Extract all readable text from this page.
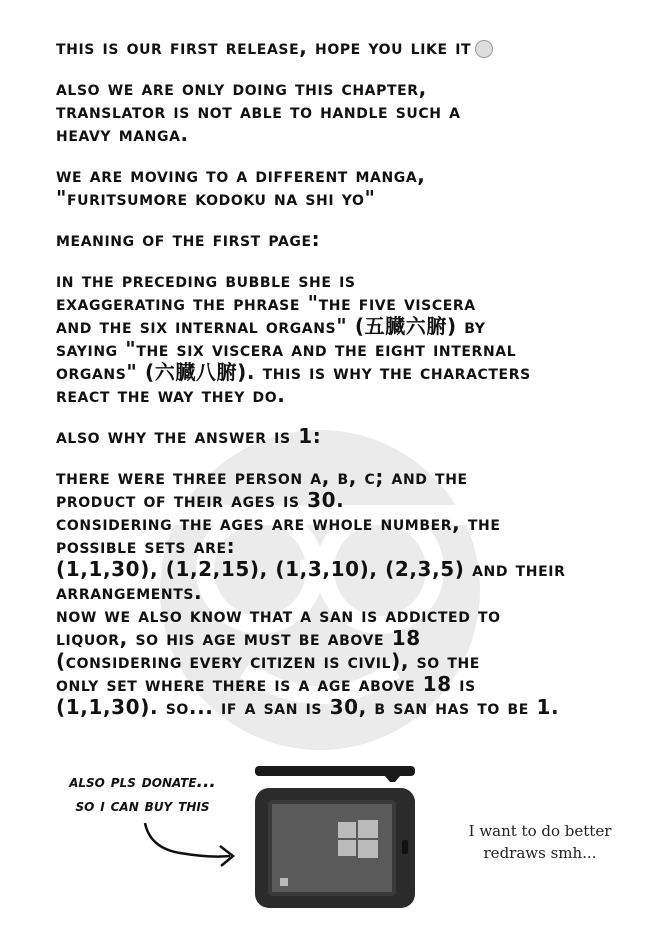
this is our first release, hope you like it

also we are only doing this chapter,
translator is not able to handle such a
heavy manga.

we are moving to a different manga,
"furitsumore kodoku na shi yo"

meaning of the first page:

in the preceding bubble she is
exaggerating the phrase "the five viscera
and the six internal organs" (五臓六腑) by
saying "the six viscera and the eight internal
organs" (六臓八腑). this is why the characters
react the way they do.

also why the answer is 1:

there were three person a, b, c; and the
product of their ages is 30.
considering the ages are whole number, the
possible sets are:
(1,1,30), (1,2,15), (1,3,10), (2,3,5) and their
arrangements.
now we also know that a san is addicted to
liquor, so his age must be above 18
(considering every citizen is civil), so the
only set where there is a age above 18 is
(1,1,30). so... if a san is 30, b san has to be 1.

also pls donate...
so i can buy this
I want to do better
redraws smh...
